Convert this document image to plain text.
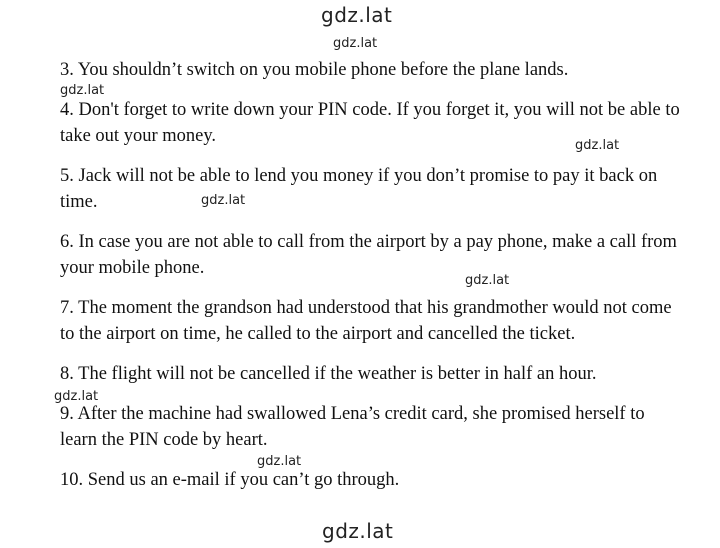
gdz.lat
gdz.lat

3. You shouldn’t switch on you mobile phone before the plane lands.

gdz.lat

4. Don't forget to write down your PIN code. If you forget it, you will not be able to take out your money.	gdz.lat

5. Jack will not be able to lend you money if you don’t promise to pay it back on time.	gdz.lat

6. In case you are not able to call from the airport by a pay phone, make a call from your mobile phone.

gdz.lat

7. The moment the grandson had understood that his grandmother would not come to the airport on time, he called to the airport and cancelled the ticket.

8. The flight will not be cancelled if the weather is better in half an hour.

gdz.lat

9. After the machine had swallowed Lena’s credit card, she promised herself to learn the PIN code by heart.

gdz.lat

10. Send us an e-mail if you can’t go through.

gdz.lat
